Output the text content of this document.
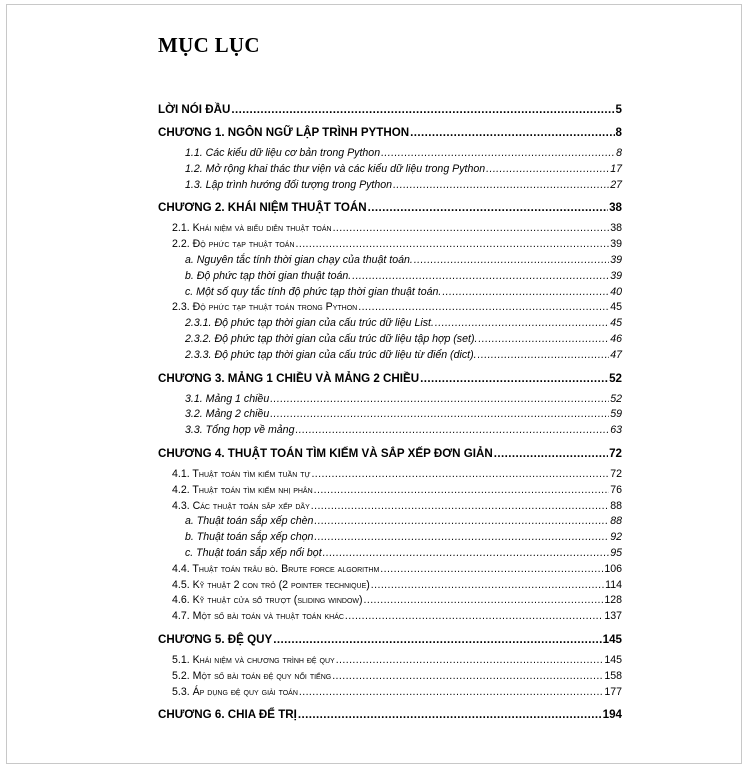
MỤC LỤC
LỜI NÓI ĐẦU .....	5
CHƯƠNG 1. NGÔN NGỮ LẬP TRÌNH PYTHON .....	8
1.1. Các kiểu dữ liệu cơ bản trong Python .....	8
1.2. Mở rộng khai thác thư viện và các kiểu dữ liệu trong Python .....	17
1.3. Lập trình hướng đối tượng trong Python .....	27
CHƯƠNG 2. KHÁI NIỆM THUẬT TOÁN .....	38
2.1. Khái niệm và biểu diễn thuật toán .....	38
2.2. Độ phức tạp thuật toán .....	39
a. Nguyên tắc tính thời gian chạy của thuật toán. .....	39
b. Độ phức tạp thời gian thuật toán. .....	39
c. Một số quy tắc tính độ phức tạp thời gian thuật toán. .....	40
2.3. Độ phức tạp thuật toán trong Python .....	45
2.3.1. Độ phức tạp thời gian của cấu trúc dữ liệu List. .....	45
2.3.2. Độ phức tạp thời gian của cấu trúc dữ liệu tập hợp (set). .....	46
2.3.3. Độ phức tạp thời gian của cấu trúc dữ liệu từ điển (dict). .....	47
CHƯƠNG 3. MẢNG 1 CHIỀU VÀ MẢNG 2 CHIỀU .....	52
3.1. Mảng 1 chiều .....	52
3.2. Mảng 2 chiều .....	59
3.3. Tổng hợp về mảng .....	63
CHƯƠNG 4. THUẬT TOÁN TÌM KIẾM VÀ SẮP XẾP ĐƠN GIẢN .....	72
4.1. Thuật toán tìm kiếm tuần tự .....	72
4.2. Thuật toán tìm kiếm nhị phân .....	76
4.3. Các thuật toán sắp xếp dãy .....	88
a. Thuật toán sắp xếp chèn .....	88
b. Thuật toán sắp xếp chọn .....	92
c. Thuật toán sắp xếp nổi bọt .....	95
4.4. Thuật toán trâu bò. Brute force algorithm .....	106
4.5. Kỹ thuật 2 con trỏ (2 pointer technique) .....	114
4.6. Kỹ thuật cửa sổ trượt (sliding window) .....	128
4.7. Một số bài toán và thuật toán khác .....	137
CHƯƠNG 5. ĐỆ QUY .....	145
5.1. Khái niệm và chương trình đệ quy .....	145
5.2. Một số bài toán đệ quy nổi tiếng .....	158
5.3. Áp dụng đệ quy giải toán .....	177
CHƯƠNG 6. CHIA ĐỂ TRỊ .....	194
